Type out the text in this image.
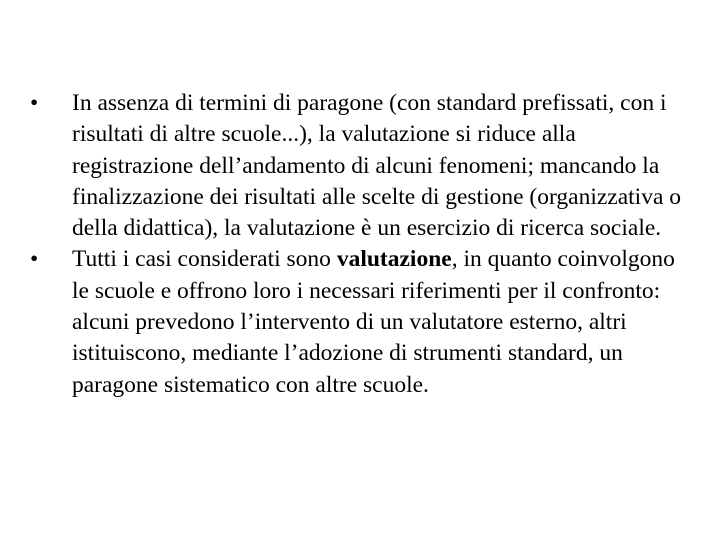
•	In assenza di termini di paragone (con standard prefissati, con i risultati di altre scuole...), la valutazione si riduce alla registrazione dell’andamento di alcuni fenomeni; mancando la finalizzazione dei risultati alle scelte di gestione (organizzativa o della didattica), la valutazione è un esercizio di ricerca sociale.
•	Tutti i casi considerati sono valutazione, in quanto coinvolgono le scuole e offrono loro i necessari riferimenti per il confronto: alcuni prevedono l’intervento di un valutatore esterno, altri istituiscono, mediante l’adozione di strumenti standard, un paragone sistematico con altre scuole.
